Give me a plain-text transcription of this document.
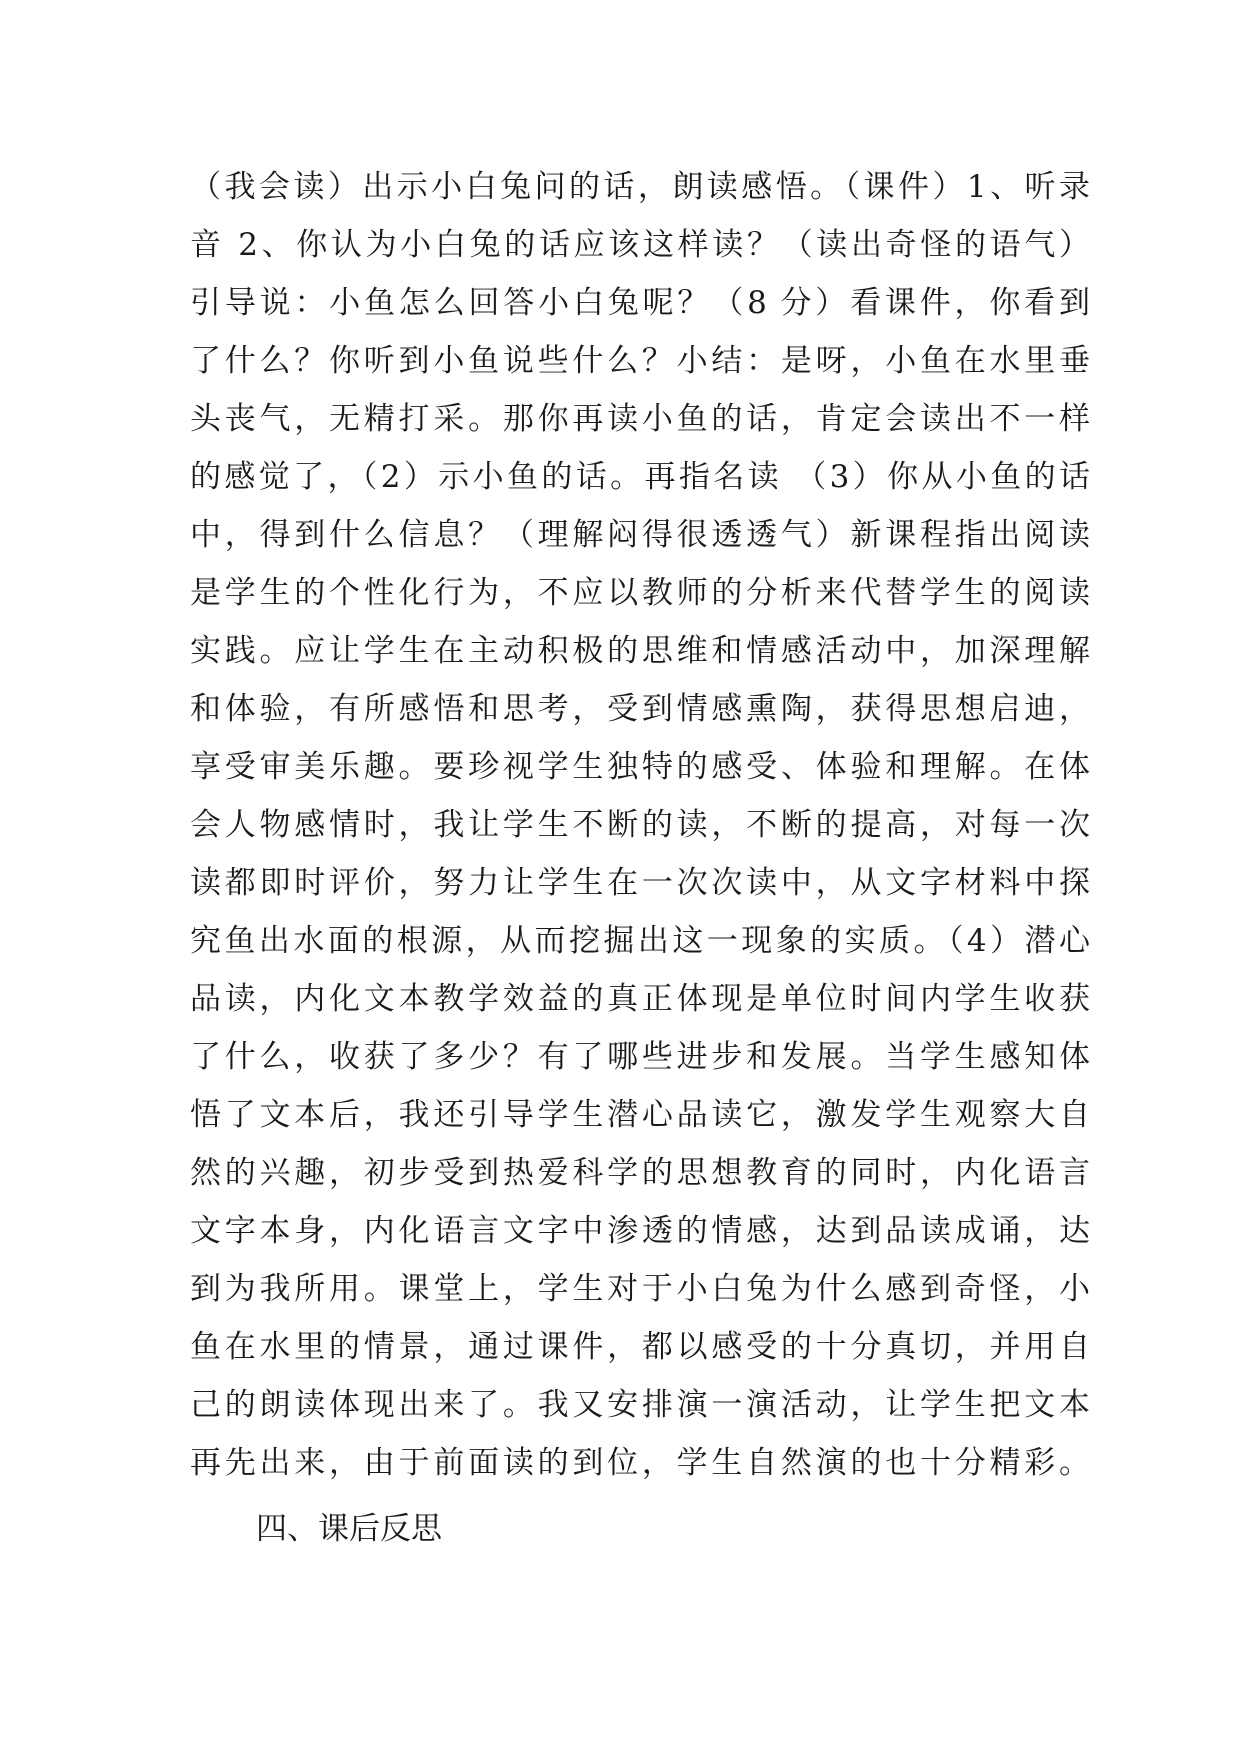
（我会读）出示小白兔问的话，朗读感悟。（课件）1、听录
音 2、你认为小白兔的话应该这样读？（读出奇怪的语气）
引导说：小鱼怎么回答小白兔呢？（8 分）看课件，你看到
了什么？你听到小鱼说些什么？小结：是呀，小鱼在水里垂
头丧气，无精打采。那你再读小鱼的话，肯定会读出不一样
的感觉了，（2）示小鱼的话。再指名读 （3）你从小鱼的话
中，得到什么信息？（理解闷得很透透气）新课程指出阅读
是学生的个性化行为，不应以教师的分析来代替学生的阅读
实践。应让学生在主动积极的思维和情感活动中，加深理解
和体验，有所感悟和思考，受到情感熏陶，获得思想启迪，
享受审美乐趣。要珍视学生独特的感受、体验和理解。在体
会人物感情时，我让学生不断的读，不断的提高，对每一次
读都即时评价，努力让学生在一次次读中，从文字材料中探
究鱼出水面的根源，从而挖掘出这一现象的实质。（4）潜心
品读，内化文本教学效益的真正体现是单位时间内学生收获
了什么，收获了多少？有了哪些进步和发展。当学生感知体
悟了文本后，我还引导学生潜心品读它，激发学生观察大自
然的兴趣，初步受到热爱科学的思想教育的同时，内化语言
文字本身，内化语言文字中渗透的情感，达到品读成诵，达
到为我所用。课堂上，学生对于小白兔为什么感到奇怪，小
鱼在水里的情景，通过课件，都以感受的十分真切，并用自
己的朗读体现出来了。我又安排演一演活动，让学生把文本
再先出来，由于前面读的到位，学生自然演的也十分精彩。
四、课后反思
